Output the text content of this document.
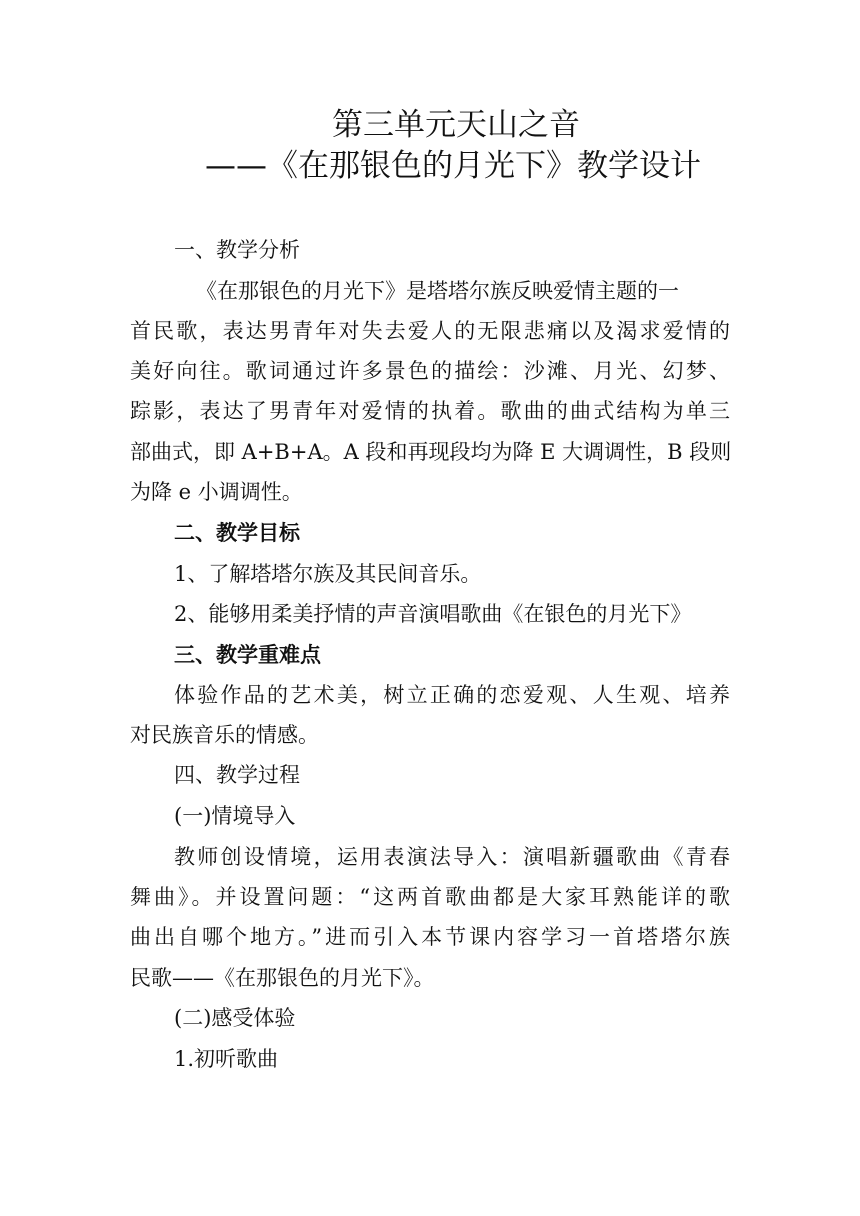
第三单元天山之音
——《在那银色的月光下》教学设计
一、教学分析
《在那银色的月光下》是塔塔尔族反映爱情主题的一
首民歌，表达男青年对失去爱人的无限悲痛以及渴求爱情的
美好向往。歌词通过许多景色的描绘：沙滩、月光、幻梦、
踪影，表达了男青年对爱情的执着。歌曲的曲式结构为单三
部曲式，即 A+B+A。A 段和再现段均为降 E 大调调性，B 段则
为降 e 小调调性。
二、教学目标
1、了解塔塔尔族及其民间音乐。
2、能够用柔美抒情的声音演唱歌曲《在银色的月光下》
三、教学重难点
体验作品的艺术美，树立正确的恋爱观、人生观、培养
对民族音乐的情感。
四、教学过程
(一)情境导入
教师创设情境，运用表演法导入：演唱新疆歌曲《青春
舞曲》。并设置问题：“这两首歌曲都是大家耳熟能详的歌
曲出自哪个地方。”进而引入本节课内容学习一首塔塔尔族
民歌——《在那银色的月光下》。
(二)感受体验
1.初听歌曲
